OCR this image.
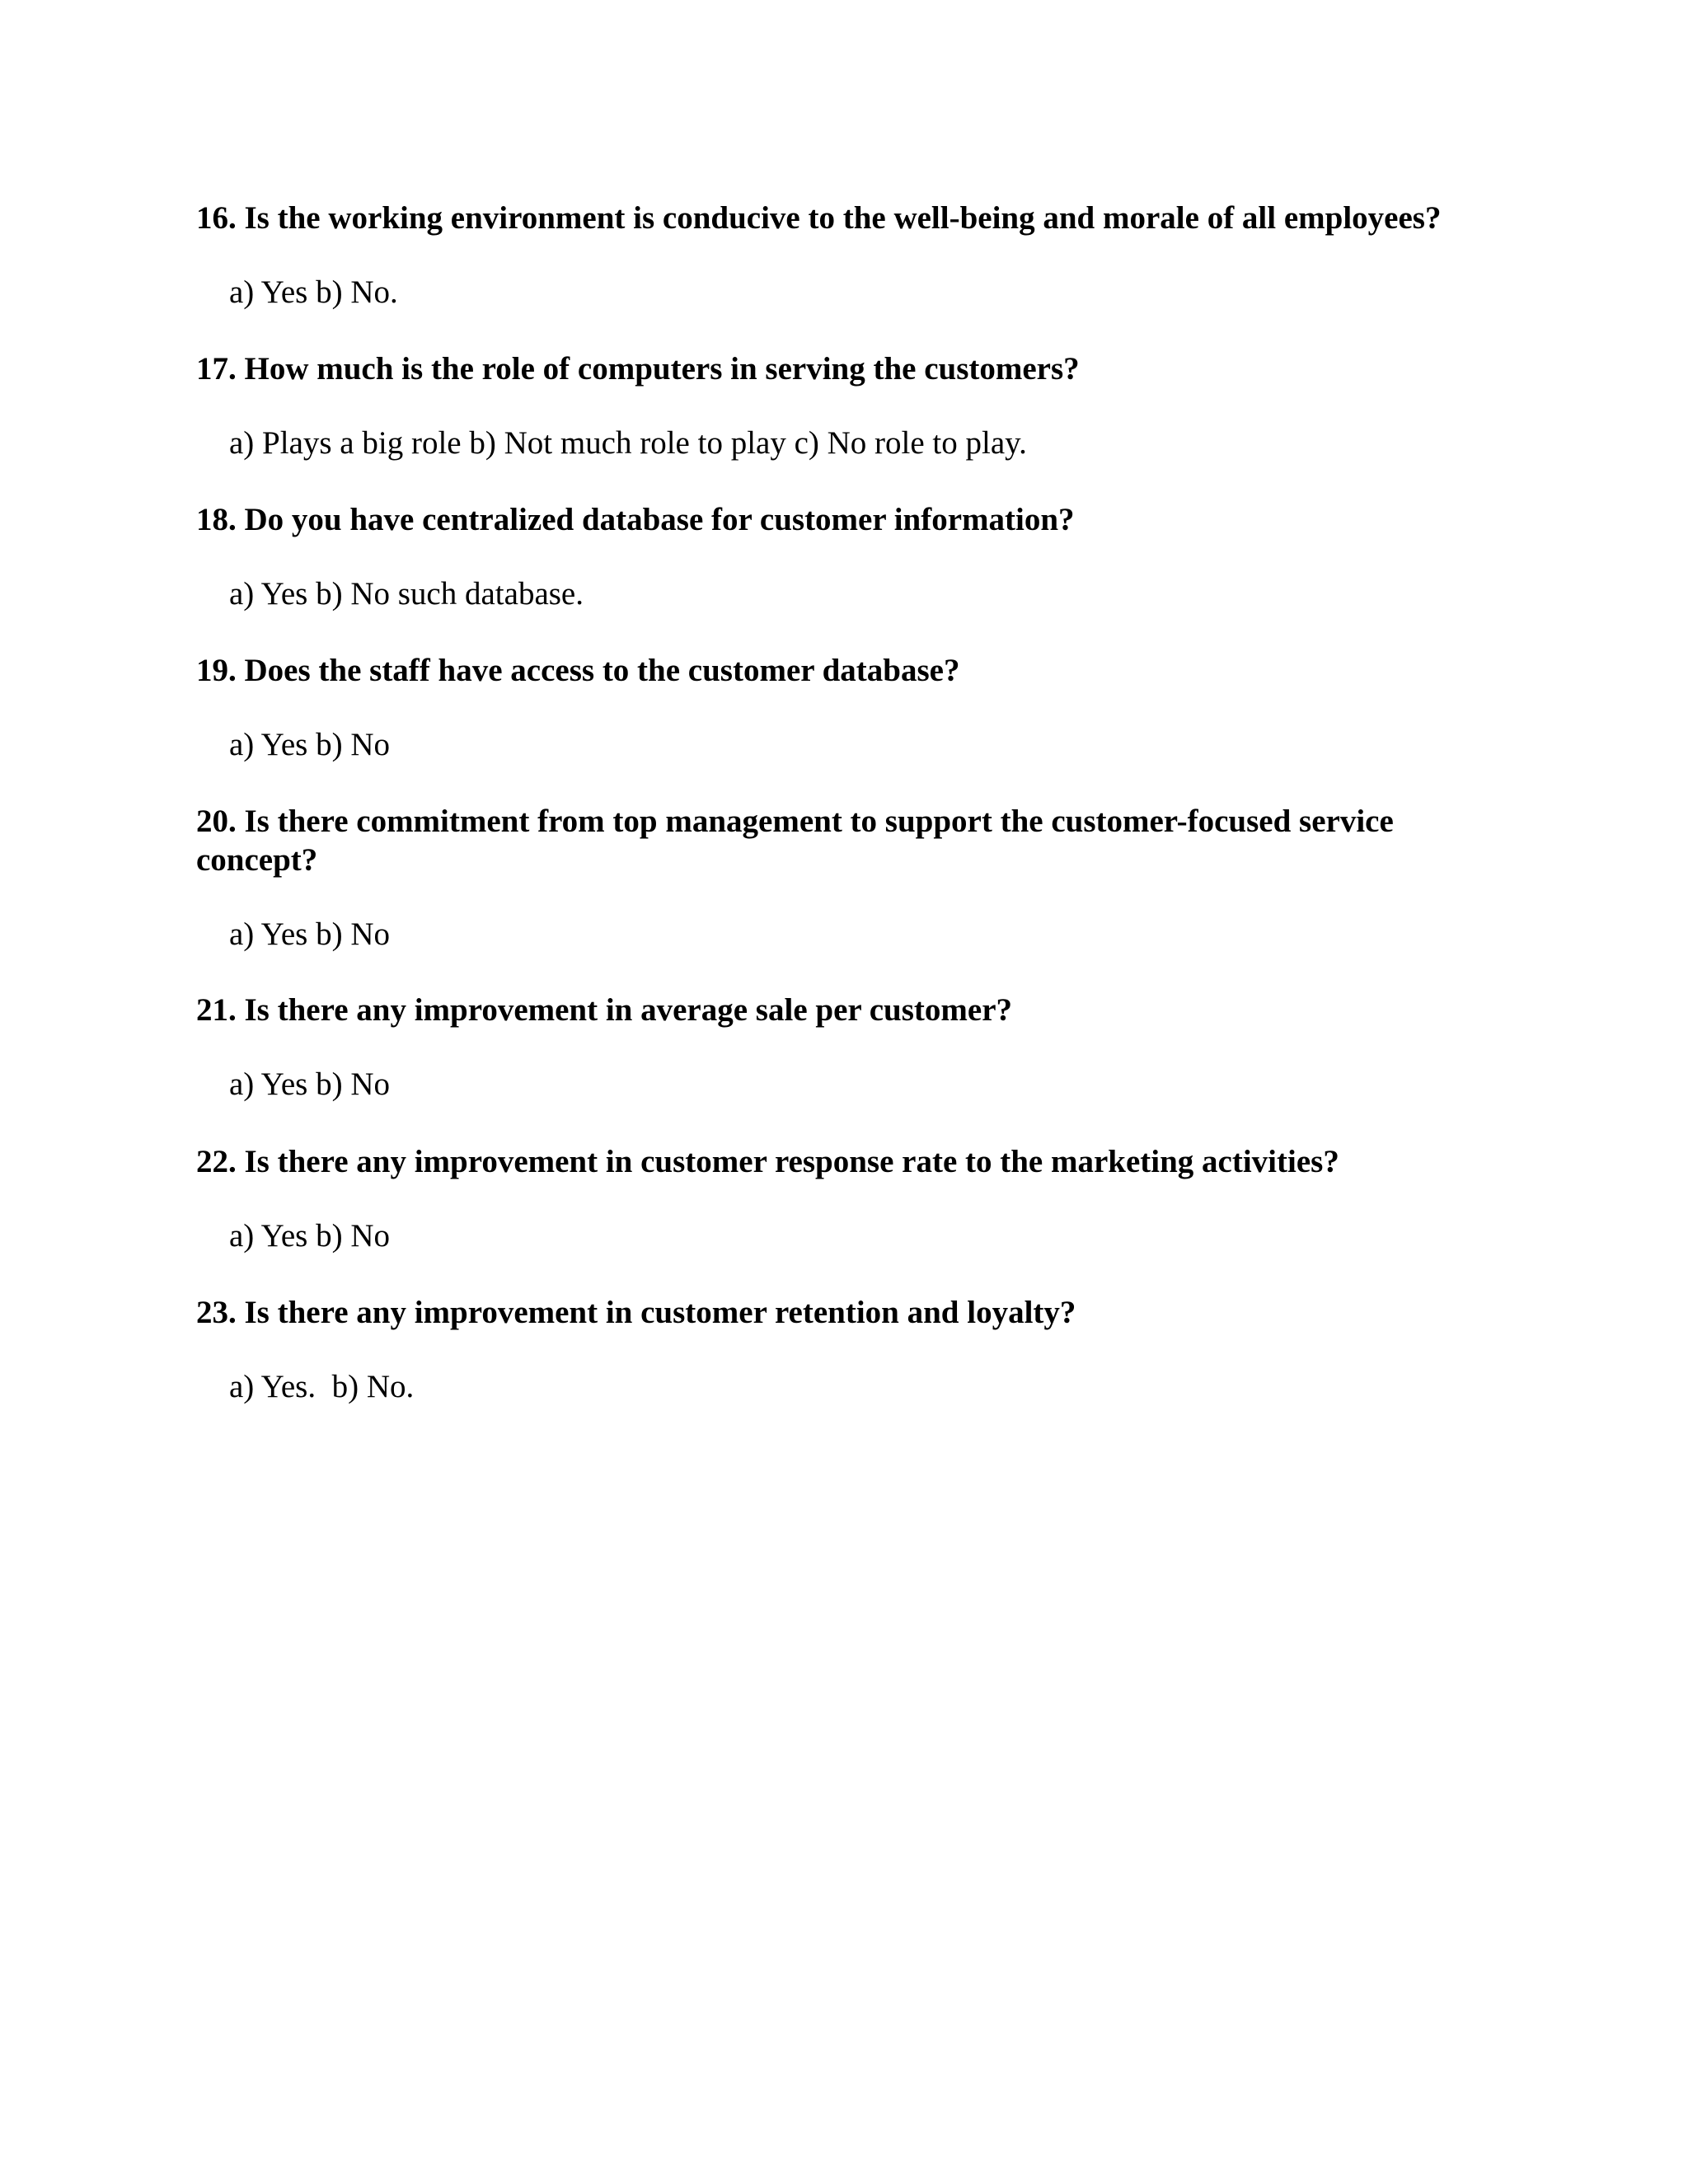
16. Is the working environment is conducive to the well-being and morale of all employees?

a) Yes b) No.

17. How much is the role of computers in serving the customers?

a) Plays a big role b) Not much role to play c) No role to play.

18. Do you have centralized database for customer information?

a) Yes b) No such database.

19. Does the staff have access to the customer database?

a) Yes b) No

20. Is there commitment from top management to support the customer-focused service concept?

a) Yes b) No

21. Is there any improvement in average sale per customer?

a) Yes b) No

22. Is there any improvement in customer response rate to the marketing activities?

a) Yes b) No

23. Is there any improvement in customer retention and loyalty?

a) Yes.  b) No.
